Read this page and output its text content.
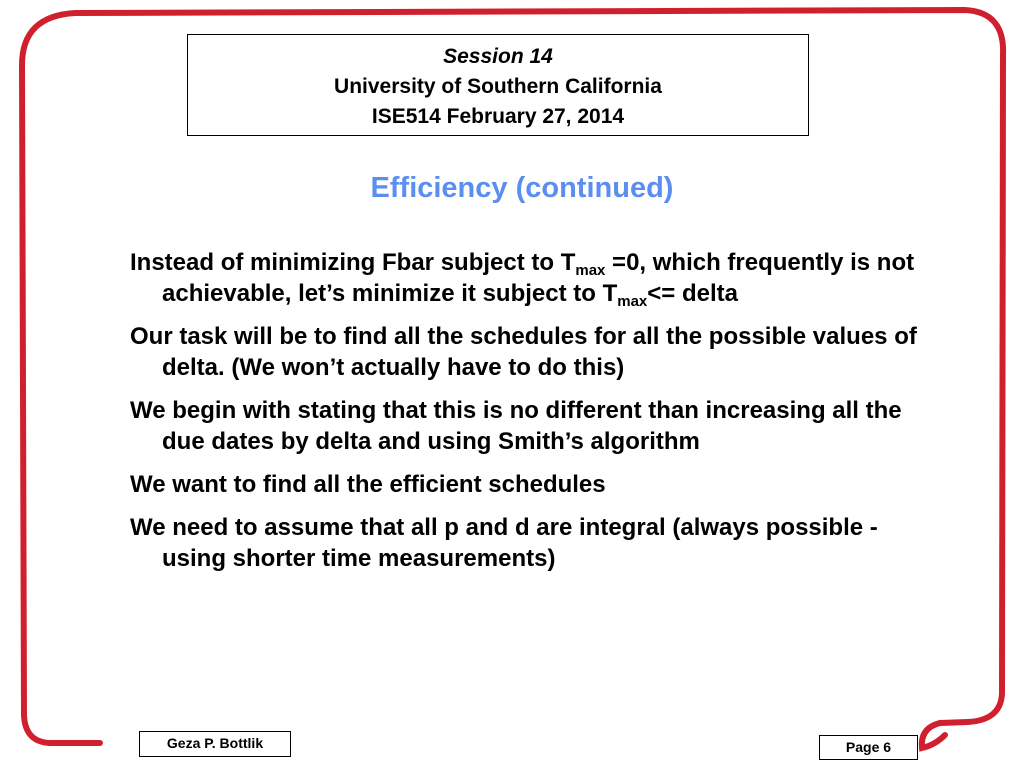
Session 14
University of Southern California
ISE514 February 27, 2014
Efficiency (continued)
Instead of minimizing Fbar subject to $T_{max} =0$, which frequently is not achievable, let’s minimize it subject to $T_{max}<=$ delta
Our task will be to find all the schedules for all the possible values of delta. (We won’t actually have to do this)
We begin with stating that this is no different than increasing all the due dates by delta and using Smith’s algorithm
We want to find all the efficient schedules
We need to assume that all p and d are integral (always possible - using shorter time measurements)
Geza P. Bottlik	Page 6
